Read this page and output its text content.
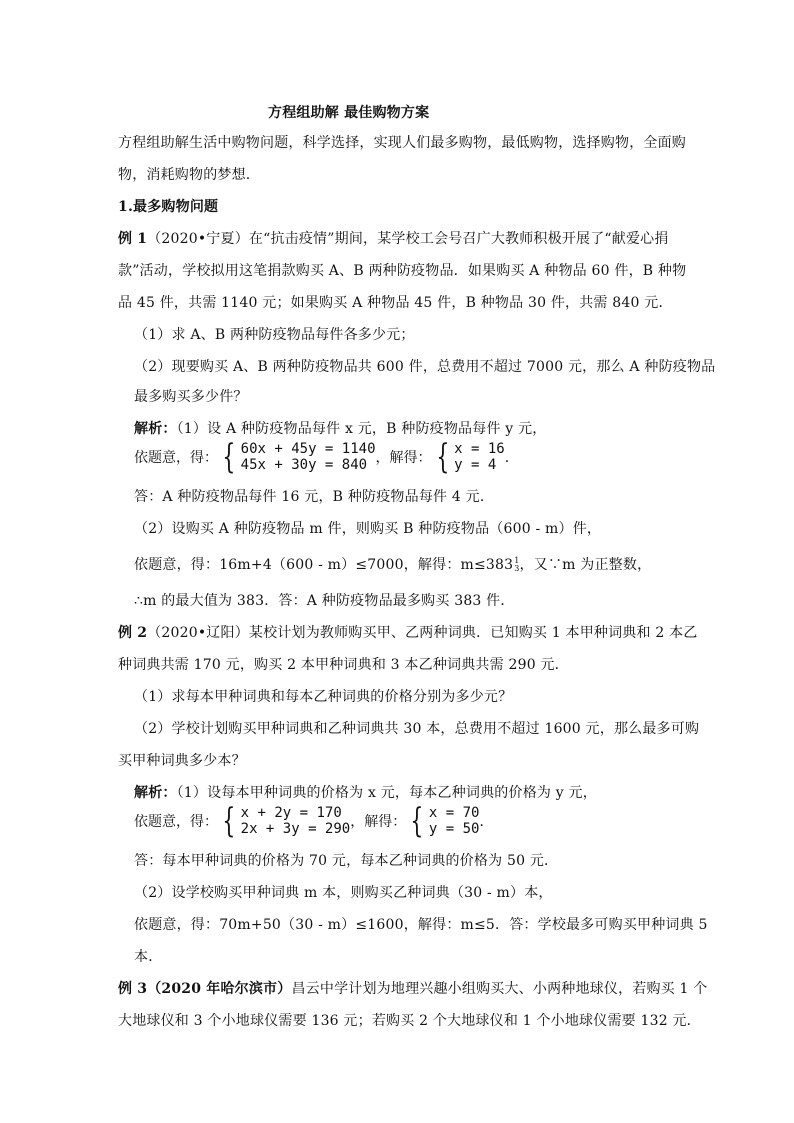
方程组助解 最佳购物方案
方程组助解生活中购物问题，科学选择，实现人们最多购物，最低购物，选择购物，全面购
物，消耗购物的梦想.
1.最多购物问题
例 1（2020•宁夏）在“抗击疫情”期间，某学校工会号召广大教师积极开展了“献爱心捐
款”活动，学校拟用这笔捐款购买 A、B 两种防疫物品．如果购买 A 种物品 60 件，B 种物
品 45 件，共需 1140 元；如果购买 A 种物品 45 件，B 种物品 30 件，共需 840 元．
（1）求 A、B 两种防疫物品每件各多少元；
（2）现要购买 A、B 两种防疫物品共 600 件，总费用不超过 7000 元，那么 A 种防疫物品
最多购买多少件？
解析：（1）设 A 种防疫物品每件 x 元，B 种防疫物品每件 y 元，
依题意，得： { 60x + 45y = 1140
45x + 30y = 840 ，解得： { x = 16
y = 4 ．
答：A 种防疫物品每件 16 元，B 种防疫物品每件 4 元．
（2）设购买 A 种防疫物品 m 件，则购买 B 种防疫物品（600 - m）件，
依题意，得：16m+4（600 - m）≤7000，解得：m≤383 1
3 ，又∵m 为正整数，
∴m 的最大值为 383．答：A 种防疫物品最多购买 383 件．
例 2（2020•辽阳）某校计划为教师购买甲、乙两种词典．已知购买 1 本甲种词典和 2 本乙
种词典共需 170 元，购买 2 本甲种词典和 3 本乙种词典共需 290 元．
（1）求每本甲种词典和每本乙种词典的价格分别为多少元？
（2）学校计划购买甲种词典和乙种词典共 30 本，总费用不超过 1600 元，那么最多可购
买甲种词典多少本？
解析：（1）设每本甲种词典的价格为 x 元，每本乙种词典的价格为 y 元，
依题意，得： { x + 2y = 170
2x + 3y = 290 ，解得： { x = 70
y = 50 ．
答：每本甲种词典的价格为 70 元，每本乙种词典的价格为 50 元．
（2）设学校购买甲种词典 m 本，则购买乙种词典（30 - m）本，
依题意，得：70m+50（30 - m）≤1600，解得：m≤5．答：学校最多可购买甲种词典 5
本．
例 3（2020 年哈尔滨市）昌云中学计划为地理兴趣小组购买大、小两种地球仪，若购买 1 个
大地球仪和 3 个小地球仪需要 136 元；若购买 2 个大地球仪和 1 个小地球仪需要 132 元．
